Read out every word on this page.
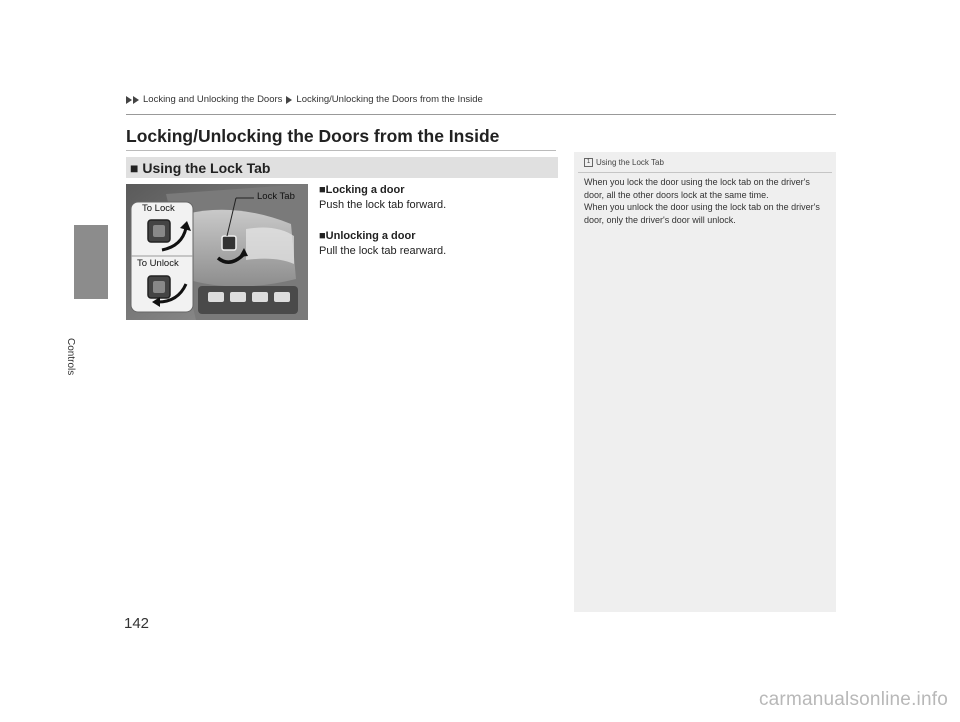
Controls
Locking and Unlocking the Doors Locking/Unlocking the Doors from the Inside
Locking/Unlocking the Doors from the Inside
■ Using the Lock Tab
Lock Tab
To Lock
To Unlock
■Locking a door
Push the lock tab forward.
■Unlocking a door
Pull the lock tab rearward.
1 Using the Lock Tab
When you lock the door using the lock tab on the driver's door, all the other doors lock at the same time.
When you unlock the door using the lock tab on the driver's door, only the driver's door will unlock.
142
carmanualsonline.info
